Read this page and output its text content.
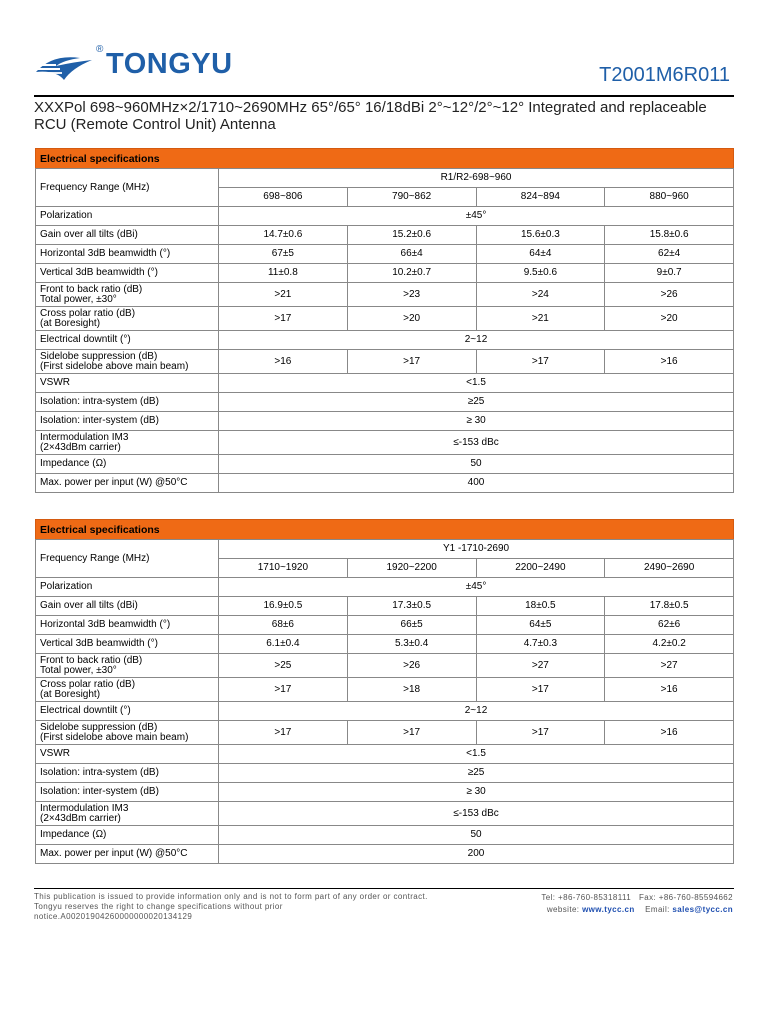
® TONGYU	T2001M6R011
XXXPol 698~960MHz×2/1710~2690MHz 65°/65° 16/18dBi 2°~12°/2°~12° Integrated and replaceable RCU (Remote Control Unit) Antenna
Electrical specifications				
Frequency Range (MHz)	R1/R2-698~960			
	698~806	790~862	824~894	880~960

Polarization	±45°			

Gain over all tilts (dBi)	14.7±0.6	15.2±0.6	15.6±0.3	15.8±0.6

Horizontal 3dB beamwidth (°)	67±5	66±4	64±4	62±4

Vertical 3dB beamwidth (°)	11±0.8	10.2±0.7	9.5±0.6	9±0.7

Front to back ratio (dB)
Total power, ±30°	>21	>23	>24	>26

Cross polar ratio (dB)
(at Boresight)	>17	>20	>21	>20

Electrical downtilt (°)	2~12			

Sidelobe suppression (dB)
(First sidelobe above main beam)	>16	>17	>17	>16

VSWR	<1.5			

Isolation: intra-system (dB)	≥25			

Isolation: inter-system (dB)	≥ 30			

Intermodulation IM3
(2×43dBm carrier)	≤-153 dBc			

Impedance (Ω)	50			

Max. power per input (W) @50°C	400			
Electrical specifications				
Frequency Range (MHz)	Y1 -1710-2690			
	1710~1920	1920~2200	2200~2490	2490~2690

Polarization	±45°			

Gain over all tilts (dBi)	16.9±0.5	17.3±0.5	18±0.5	17.8±0.5

Horizontal 3dB beamwidth (°)	68±6	66±5	64±5	62±6

Vertical 3dB beamwidth (°)	6.1±0.4	5.3±0.4	4.7±0.3	4.2±0.2

Front to back ratio (dB)
Total power, ±30°	>25	>26	>27	>27

Cross polar ratio (dB)
(at Boresight)	>17	>18	>17	>16

Electrical downtilt (°)	2~12			

Sidelobe suppression (dB)
(First sidelobe above main beam)	>17	>17	>17	>16

VSWR	<1.5			

Isolation: intra-system (dB)	≥25			

Isolation: inter-system (dB)	≥ 30			

Intermodulation IM3
(2×43dBm carrier)	≤-153 dBc			

Impedance (Ω)	50			

Max. power per input (W) @50°C	200			
This publication is issued to provide information only and is not to form part of any order or contract.
Tongyu reserves the right to change specifications without prior
notice.A00201904260000000020134129
Tel: +86-760-85318111 Fax: +86-760-85594662
website: www.tycc.cn Email: sales@tycc.cn
